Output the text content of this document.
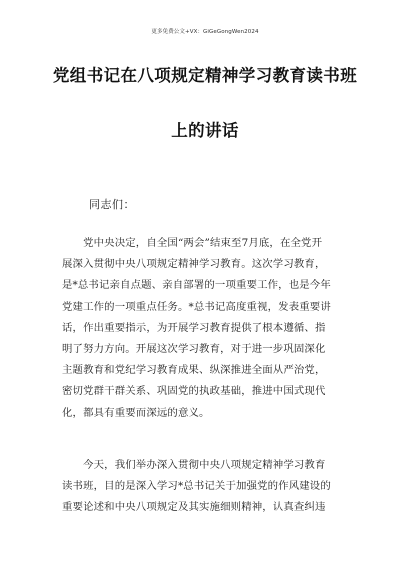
更多免费公文+VX：GiGeGongWen2024
党组书记在八项规定精神学习教育读书班
上的讲话
同志们：
　　党中央决定，自全国“两会”结束至7月底，在全党开
展深入贯彻中央八项规定精神学习教育。这次学习教育，
是*总书记亲自点题、亲自部署的一项重要工作，也是今年
党建工作的一项重点任务。*总书记高度重视，发表重要讲
话，作出重要指示，为开展学习教育提供了根本遵循、指
明了努力方向。开展这次学习教育，对于进一步巩固深化
主题教育和党纪学习教育成果、纵深推进全面从严治党，
密切党群干群关系、巩固党的执政基础，推进中国式现代
化，都具有重要而深远的意义。
　　今天，我们举办深入贯彻中央八项规定精神学习教育
读书班，目的是深入学习*总书记关于加强党的作风建设的
重要论述和中央八项规定及其实施细则精神，认真查纠违
